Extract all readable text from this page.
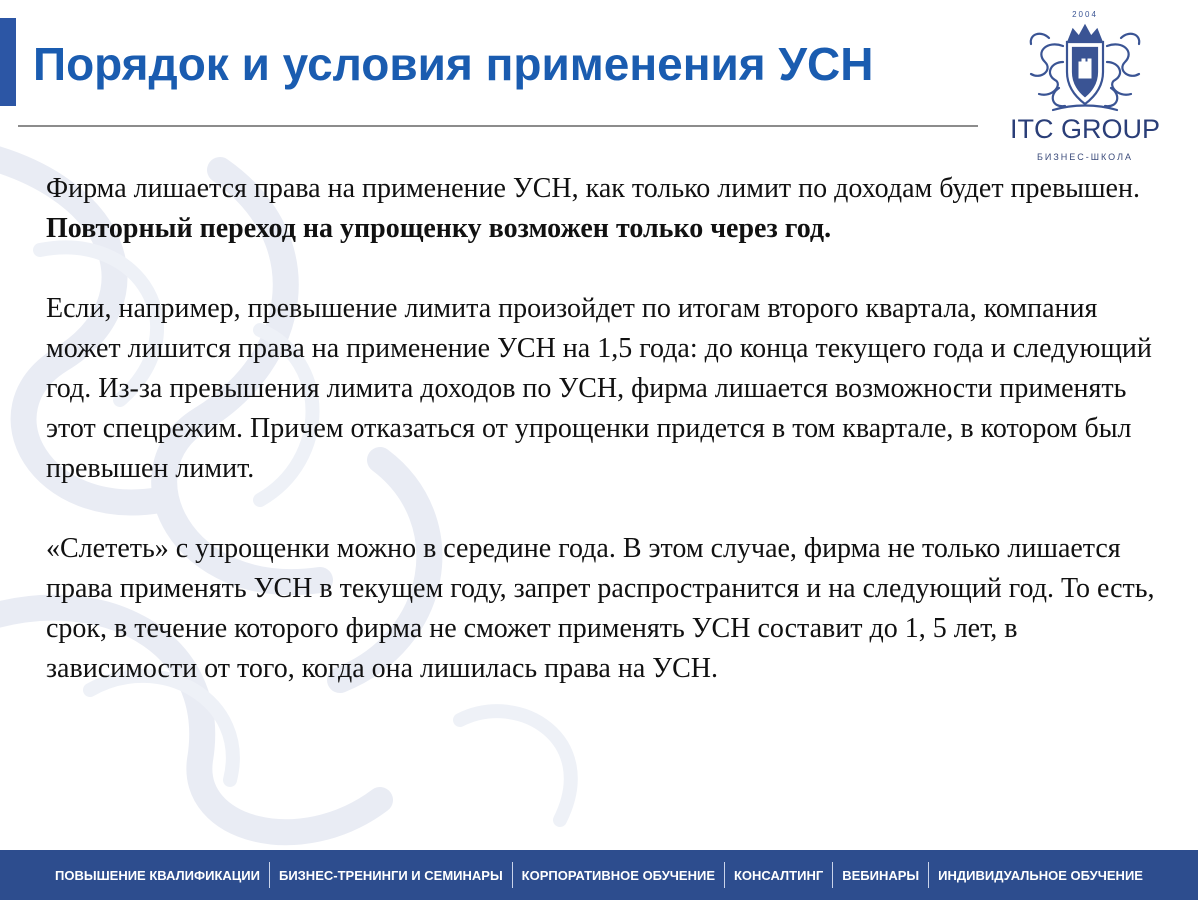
Порядок и условия применения УСН
2004
ITC GROUP
БИЗНЕС-ШКОЛА

Фирма лишается права на применение УСН, как только лимит по доходам будет превышен.

Повторный переход на упрощенку возможен только через год.

Если, например, превышение лимита произойдет по итогам второго квартала, компания может лишится права на применение УСН на 1,5 года: до конца текущего года и следующий год. Из-за превышения лимита доходов по УСН, фирма лишается возможности применять этот спецрежим. Причем отказаться от упрощенки придется в том квартале, в котором был превышен лимит.

«Слететь» с упрощенки можно в середине года. В этом случае, фирма не только лишается права применять УСН в текущем году, запрет распространится и на следующий год. То есть, срок, в течение которого фирма не сможет применять УСН составит до 1, 5 лет, в зависимости от того, когда она лишилась права на УСН.

ПОВЫШЕНИЕ КВАЛИФИКАЦИИ	БИЗНЕС-ТРЕНИНГИ И СЕМИНАРЫ	КОРПОРАТИВНОЕ ОБУЧЕНИЕ	КОНСАЛТИНГ	ВЕБИНАРЫ	ИНДИВИДУАЛЬНОЕ ОБУЧЕНИЕ
